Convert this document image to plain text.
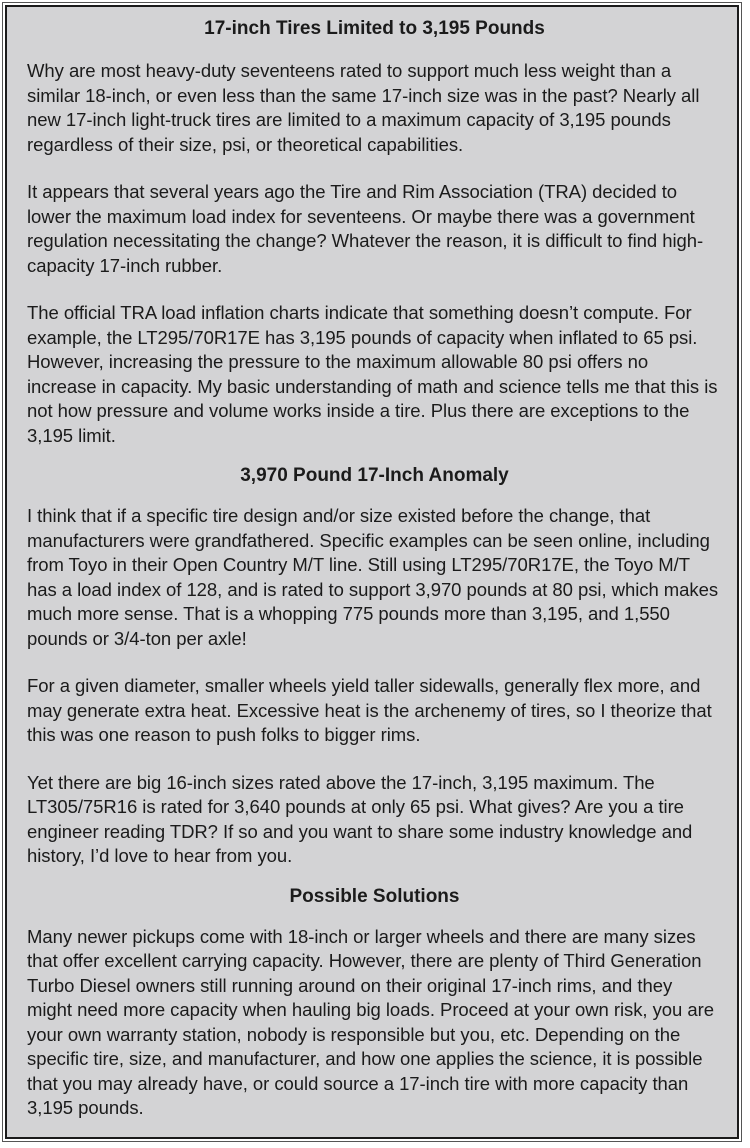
17-inch Tires Limited to 3,195 Pounds

Why are most heavy-duty seventeens rated to support much less weight than a similar 18-inch, or even less than the same 17-inch size was in the past? Nearly all new 17-inch light-truck tires are limited to a maximum capacity of 3,195 pounds regardless of their size, psi, or theoretical capabilities.

It appears that several years ago the Tire and Rim Association (TRA) decided to lower the maximum load index for seventeens. Or maybe there was a government regulation necessitating the change? Whatever the reason, it is difficult to find high-capacity 17-inch rubber.

The official TRA load inflation charts indicate that something doesn’t compute. For example, the LT295/70R17E has 3,195 pounds of capacity when inflated to 65 psi. However, increasing the pressure to the maximum allowable 80 psi offers no increase in capacity. My basic understanding of math and science tells me that this is not how pressure and volume works inside a tire. Plus there are exceptions to the 3,195 limit.

3,970 Pound 17-Inch Anomaly

I think that if a specific tire design and/or size existed before the change, that manufacturers were grandfathered. Specific examples can be seen online, including from Toyo in their Open Country M/T line. Still using LT295/70R17E, the Toyo M/T has a load index of 128, and is rated to support 3,970 pounds at 80 psi, which makes much more sense. That is a whopping 775 pounds more than 3,195, and 1,550 pounds or 3/4-ton per axle!

For a given diameter, smaller wheels yield taller sidewalls, generally flex more, and may generate extra heat. Excessive heat is the archenemy of tires, so I theorize that this was one reason to push folks to bigger rims.

Yet there are big 16-inch sizes rated above the 17-inch, 3,195 maximum. The LT305/75R16 is rated for 3,640 pounds at only 65 psi. What gives? Are you a tire engineer reading TDR? If so and you want to share some industry knowledge and history, I’d love to hear from you.

Possible Solutions

Many newer pickups come with 18-inch or larger wheels and there are many sizes that offer excellent carrying capacity. However, there are plenty of Third Generation Turbo Diesel owners still running around on their original 17-inch rims, and they might need more capacity when hauling big loads. Proceed at your own risk, you are your own warranty station, nobody is responsible but you, etc. Depending on the specific tire, size, and manufacturer, and how one applies the science, it is possible that you may already have, or could source a 17-inch tire with more capacity than 3,195 pounds.
